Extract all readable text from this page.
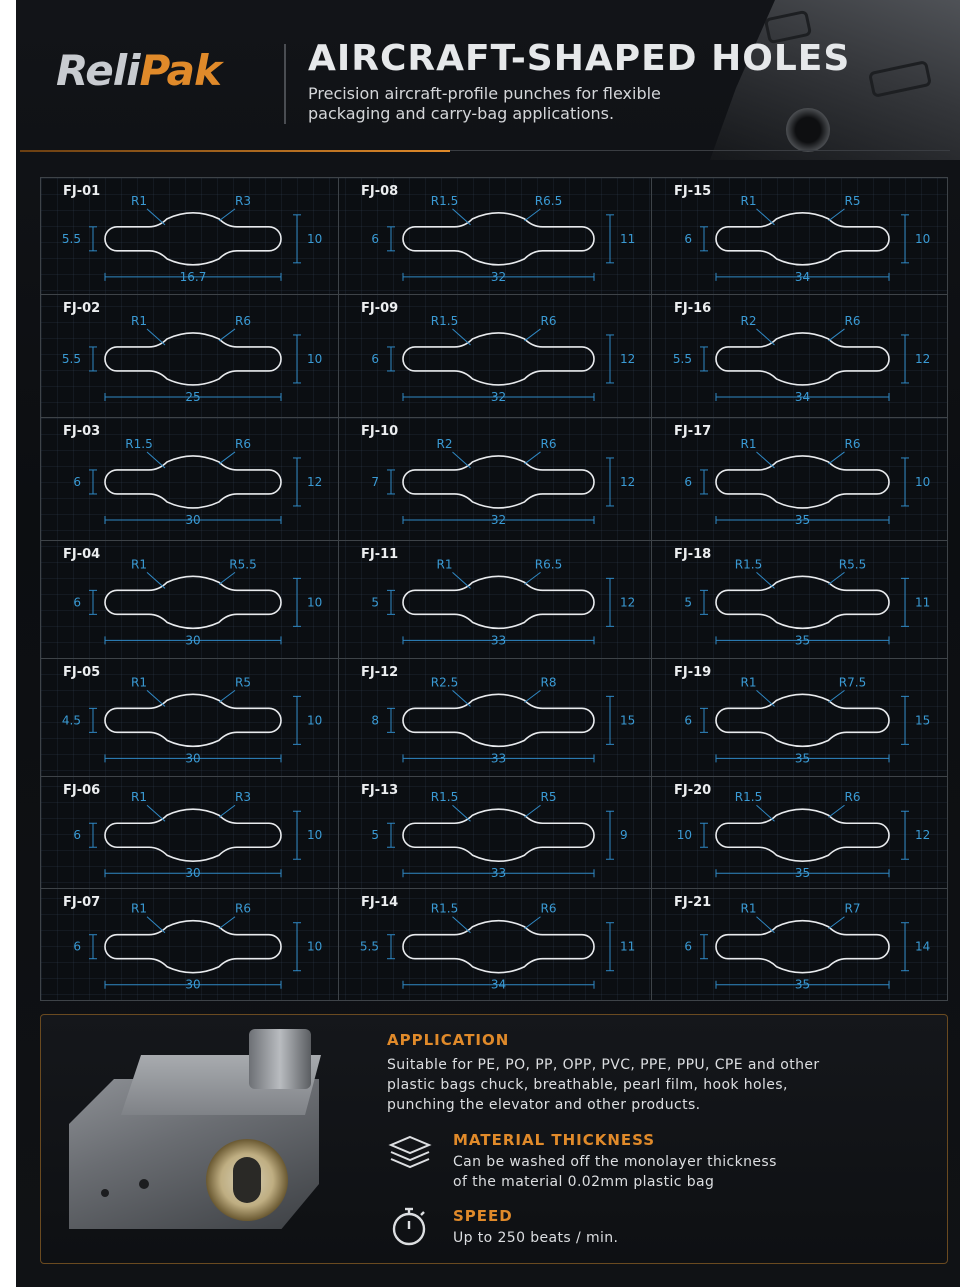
ReliPak AIRCRAFT-SHAPED HOLES
Precision aircraft-profile punches for flexible packaging and carry-bag applications.
FJ-01
5.5	10
16.7
R1	R3
FJ-08
6	11
32
R1.5	R6.5
FJ-15
6	10
34
R1	R5
FJ-02
5.5	10
25
R1	R6
FJ-09
6	12
32
R1.5	R6
FJ-16
5.5	12
34
R2	R6
FJ-03
6	12
30
R1.5	R6
FJ-10
7	12
32
R2	R6
FJ-17
6	10
35
R1	R6
FJ-04
6	10
30
R1	R5.5
FJ-11
5	12
33
R1	R6.5
FJ-18
5	11
35
R1.5	R5.5
FJ-05
4.5	10
30
R1	R5
FJ-12
8	15
33
R2.5	R8
FJ-19
6	15
35
R1	R7.5
FJ-06
6	10
30
R1	R3	FJ-13
5	9
33
R1.5	R5	FJ-20
10	12
35
R1.5	R6
FJ-07
6	10
30
R1	R6	FJ-14
5.5	11
34
R1.5	R6	FJ-21
6	14
35
R1	R7
APPLICATION
Suitable for PE, PO, PP, OPP, PVC, PPE, PPU, CPE and other
plastic bags chuck, breathable, pearl film, hook holes,
punching the elevator and other products.
MATERIAL THICKNESS
Can be washed off the monolayer thickness
of the material 0.02mm plastic bag
SPEED
Up to 250 beats / min.
